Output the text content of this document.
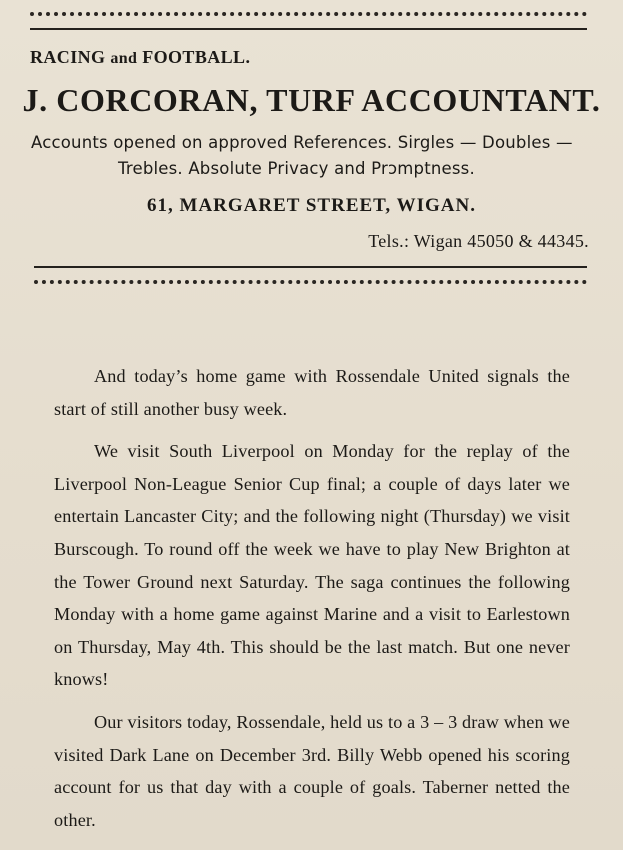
RACING and FOOTBALL.
J. CORCORAN, TURF ACCOUNTANT.
Accounts opened on approved References. Sirgles — Doubles —
Trebles. Absolute Privacy and Prɔmptness.
61, MARGARET STREET, WIGAN.
Tels.: Wigan 45050 & 44345.

And today’s home game with Rossendale United signals the start of still another busy week.

We visit South Liverpool on Monday for the replay of the Liverpool Non-League Senior Cup final; a couple of days later we entertain Lancaster City; and the following night (Thursday) we visit Burscough. To round off the week we have to play New Brighton at the Tower Ground next Saturday. The saga continues the following Monday with a home game against Marine and a visit to Earlestown on Thursday, May 4th. This should be the last match. But one never knows!

Our visitors today, Rossendale, held us to a 3 – 3 draw when we visited Dark Lane on December 3rd. Billy Webb opened his scoring account for us that day with a couple of goals. Taberner netted the other.
